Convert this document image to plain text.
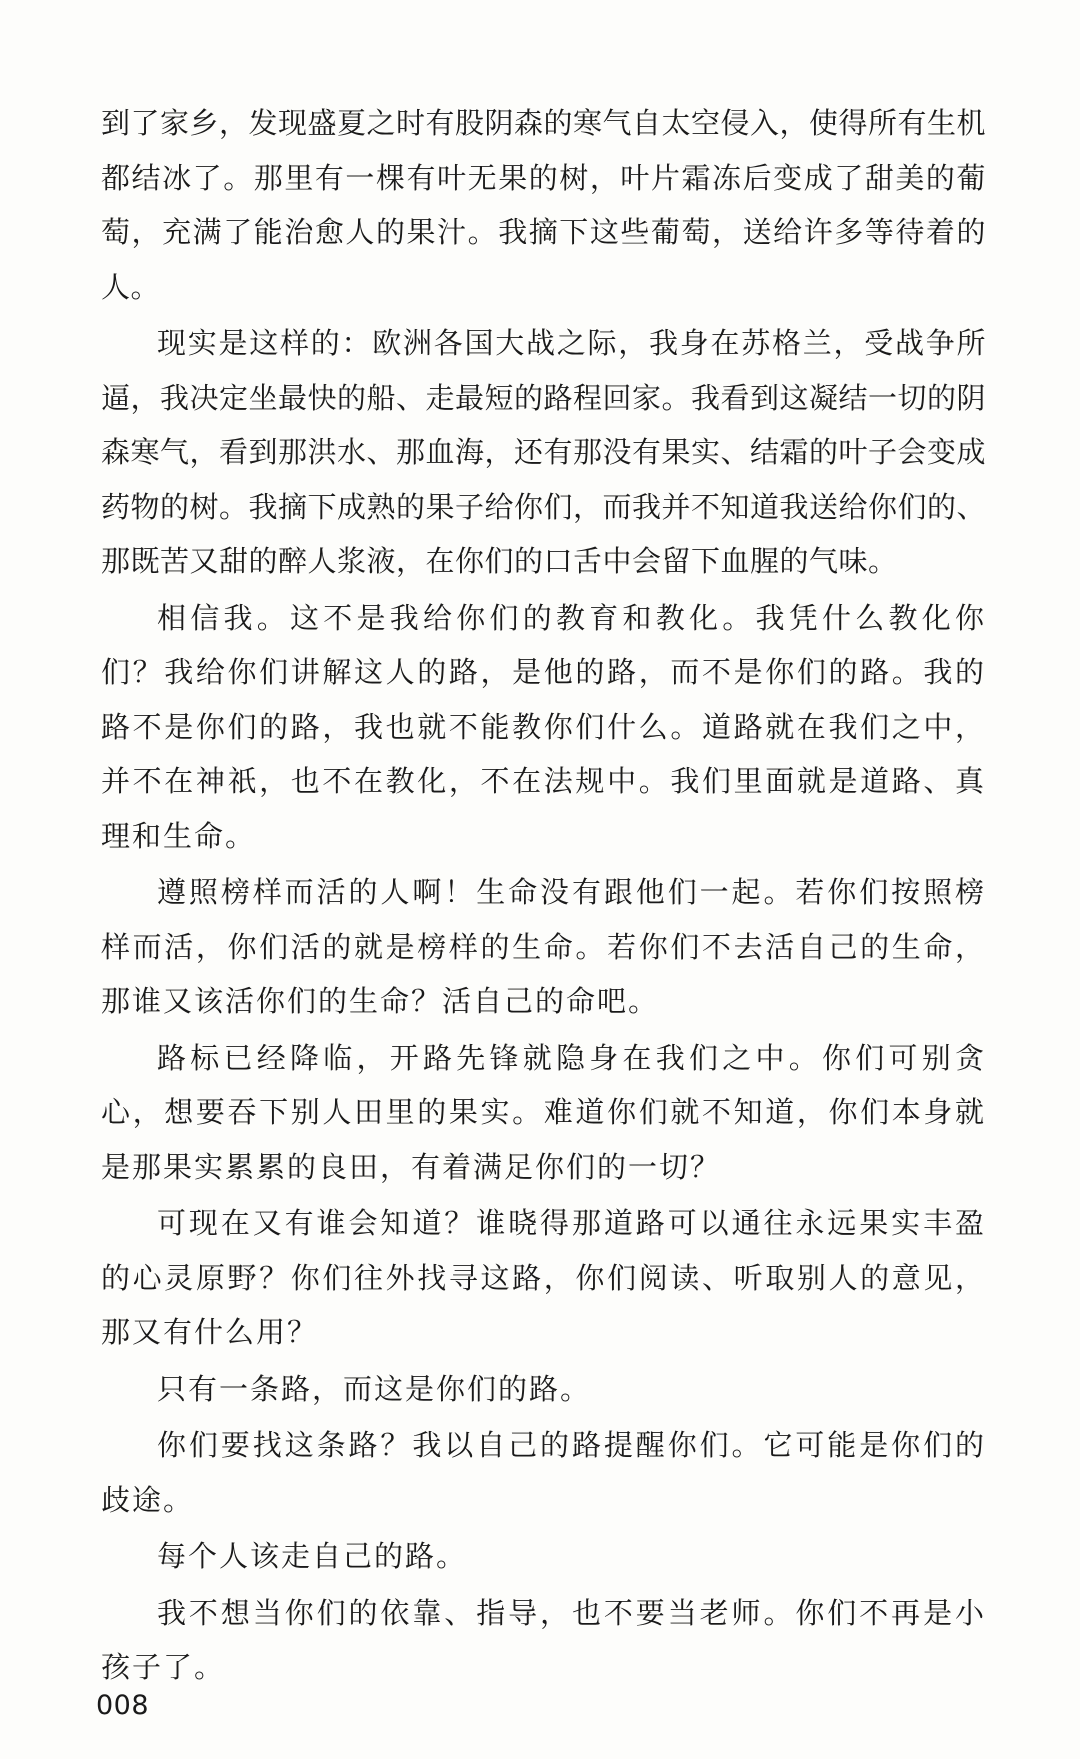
到了家乡，发现盛夏之时有股阴森的寒气自太空侵入，使得所有生机都结冰了。那里有一棵有叶无果的树，叶片霜冻后变成了甜美的葡萄，充满了能治愈人的果汁。我摘下这些葡萄，送给许多等待着的人。

现实是这样的：欧洲各国大战之际，我身在苏格兰，受战争所逼，我决定坐最快的船、走最短的路程回家。我看到这凝结一切的阴森寒气，看到那洪水、那血海，还有那没有果实、结霜的叶子会变成药物的树。我摘下成熟的果子给你们，而我并不知道我送给你们的、那既苦又甜的醉人浆液，在你们的口舌中会留下血腥的气味。

相信我。这不是我给你们的教育和教化。我凭什么教化你们？我给你们讲解这人的路，是他的路，而不是你们的路。我的路不是你们的路，我也就不能教你们什么。道路就在我们之中，并不在神祇，也不在教化，不在法规中。我们里面就是道路、真理和生命。

遵照榜样而活的人啊！生命没有跟他们一起。若你们按照榜样而活，你们活的就是榜样的生命。若你们不去活自己的生命，那谁又该活你们的生命？活自己的命吧。

路标已经降临，开路先锋就隐身在我们之中。你们可别贪心，想要吞下别人田里的果实。难道你们就不知道，你们本身就是那果实累累的良田，有着满足你们的一切？

可现在又有谁会知道？谁晓得那道路可以通往永远果实丰盈的心灵原野？你们往外找寻这路，你们阅读、听取别人的意见，那又有什么用？

只有一条路，而这是你们的路。

你们要找这条路？我以自己的路提醒你们。它可能是你们的歧途。

每个人该走自己的路。

我不想当你们的依靠、指导，也不要当老师。你们不再是小孩子了。

008
